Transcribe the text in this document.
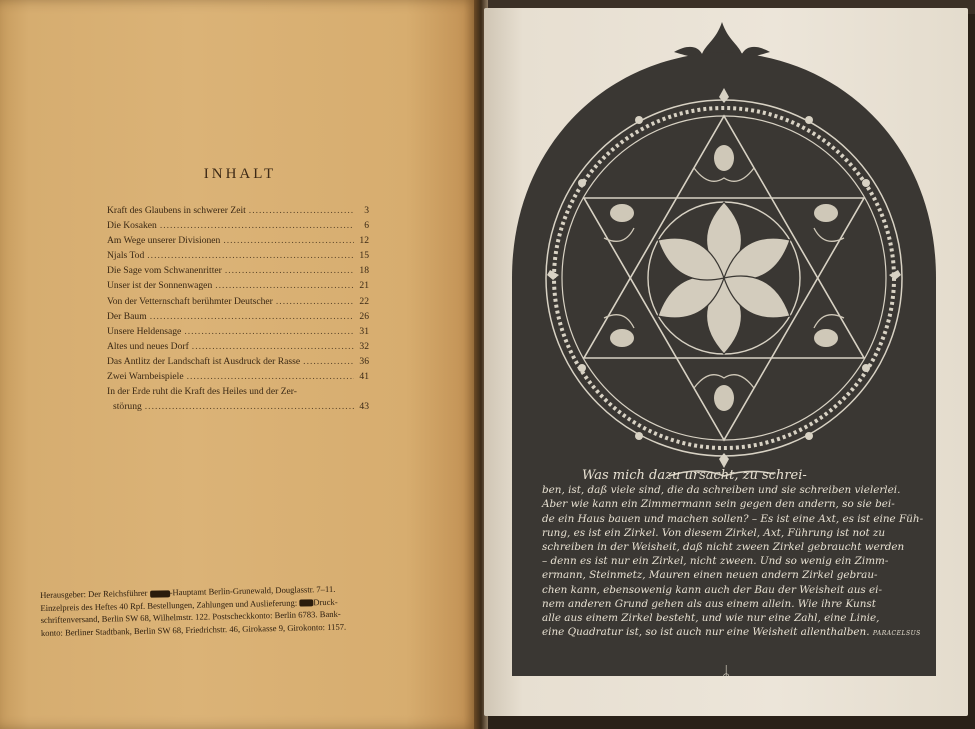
INHALT
Kraft des Glaubens in schwerer Zeit .....	3
Die Kosaken .....	6
Am Wege unserer Divisionen .....	12
Njals Tod .....	15
Die Sage vom Schwanenritter .....	18
Unser ist der Sonnenwagen .....	21
Von der Vetternschaft berühmter Deutscher .....	22
Der Baum .....	26
Unsere Heldensage .....	31
Altes und neues Dorf .....	32
Das Antlitz der Landschaft ist Ausdruck der Rasse .....	36
Zwei Warnbeispiele .....	41
In der Erde ruht die Kraft des Heiles und der Zer-
störung .....	43
Herausgeber: Der Reichsführer	-Hauptamt Berlin-Grunewald, Douglasstr. 7–11.
Einzelpreis des Heftes 40 Rpf. Bestellungen, Zahlungen und Auslieferung: Druck-
schriftenversand, Berlin SW 68, Wilhelmstr. 122. Postscheckkonto: Berlin 6783. Bank-
konto: Berliner Stadtbank, Berlin SW 68, Friedrichstr. 46, Girokasse 9, Girokonto: 1157.
Was mich dazu ursacht, zu schrei-
ben, ist, daß viele sind, die da schreiben und sie schreiben vielerlei.
Aber wie kann ein Zimmermann sein gegen den andern, so sie bei-
de ein Haus bauen und machen sollen? – Es ist eine Axt, es ist eine Füh-
rung, es ist ein Zirkel. Von diesem Zirkel, Axt, Führung ist not zu
schreiben in der Weisheit, daß nicht zween Zirkel gebraucht werden
– denn es ist nur ein Zirkel, nicht zween. Und so wenig ein Zimm-
ermann, Steinmetz, Mauren einen neuen andern Zirkel gebrau-
chen kann, ebensowenig kann auch der Bau der Weisheit aus ei-
nem anderen Grund gehen als aus einem allein. Wie ihre Kunst
alle aus einem Zirkel besteht, und wie nur eine Zahl, eine Linie,
eine Quadratur ist, so ist auch nur eine Weisheit allenthalben. PARACELSUS
ᛦ
